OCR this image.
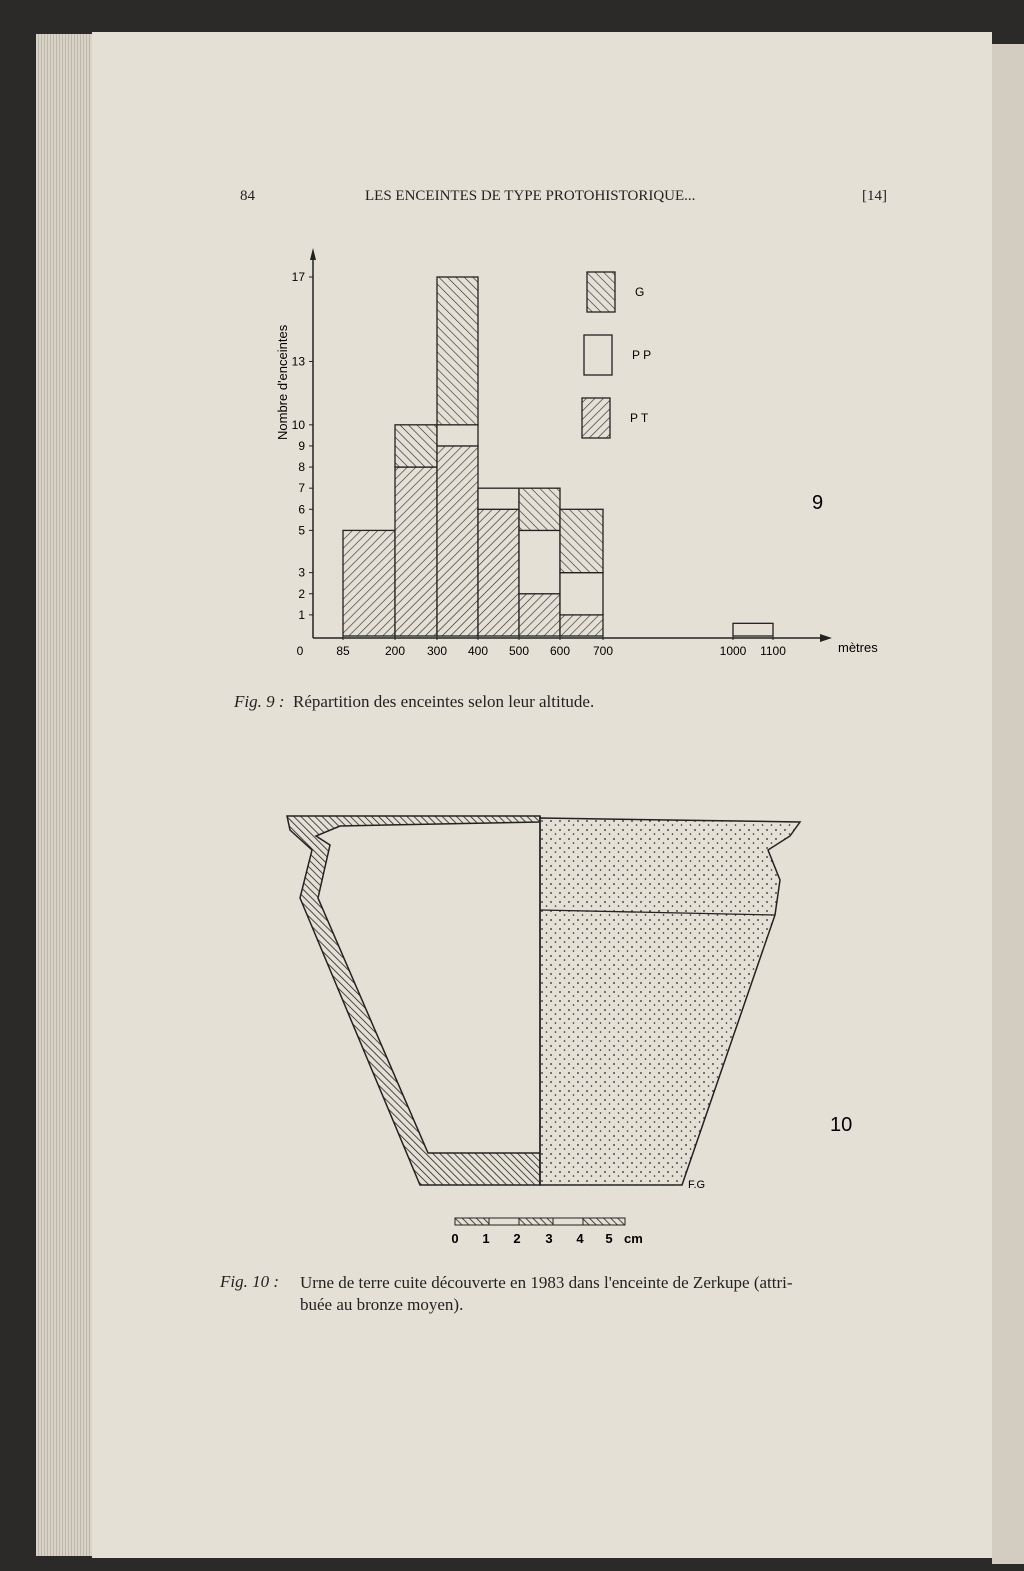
84	LES ENCEINTES DE TYPE PROTOHISTORIQUE...	[14]

1
2
3
5
6
7
8
9
10
13
17
0	85	200 300 400 500 600 700	1000 1100
Nombre d'enceintes
mètres
G
P P
P T
9
10
F.G
0 1 2 3 4 5 cm

Fig. 9 : Répartition des enceintes selon leur altitude.

Fig. 10 : Urne de terre cuite découverte en 1983 dans l'enceinte de Zerkupe (attri-
buée au bronze moyen).
